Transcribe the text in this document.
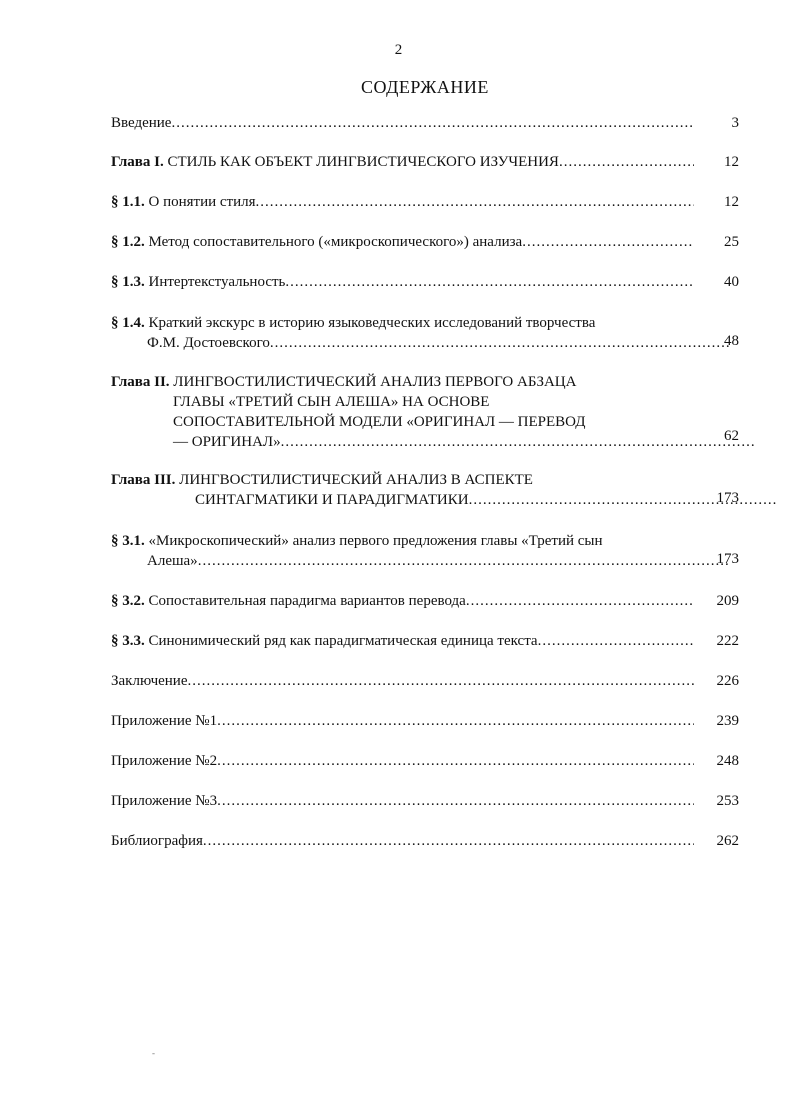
2
СОДЕРЖАНИЕ
Введение .....	3
Глава I. СТИЛЬ КАК ОБЪЕКТ ЛИНГВИСТИЧЕСКОГО ИЗУЧЕНИЯ .....	12
§ 1.1. О понятии стиля .....	12
§ 1.2. Метод сопоставительного («микроскопического») анализа .....	25
§ 1.3. Интертекстуальность .....	40
§ 1.4. Краткий экскурс в историю языковедческих исследований творчества
Ф.М. Достоевского .....	48
Глава II. ЛИНГВОСТИЛИСТИЧЕСКИЙ АНАЛИЗ ПЕРВОГО АБЗАЦА
ГЛАВЫ «ТРЕТИЙ СЫН АЛЕША» НА ОСНОВЕ
СОПОСТАВИТЕЛЬНОЙ МОДЕЛИ «ОРИГИНАЛ — ПЕРЕВОД
— ОРИГИНАЛ» .....	62
Глава III. ЛИНГВОСТИЛИСТИЧЕСКИЙ АНАЛИЗ В АСПЕКТЕ
СИНТАГМАТИКИ И ПАРАДИГМАТИКИ .....	173
§ 3.1. «Микроскопический» анализ первого предложения главы «Третий сын
Алеша» .....	173
§ 3.2. Сопоставительная парадигма вариантов перевода .....	209
§ 3.3. Синонимический ряд как парадигматическая единица текста .....	222
Заключение .....	226
Приложение №1 .....	239
Приложение №2 .....	248
Приложение №3 .....	253
Библиография .....	262
-
